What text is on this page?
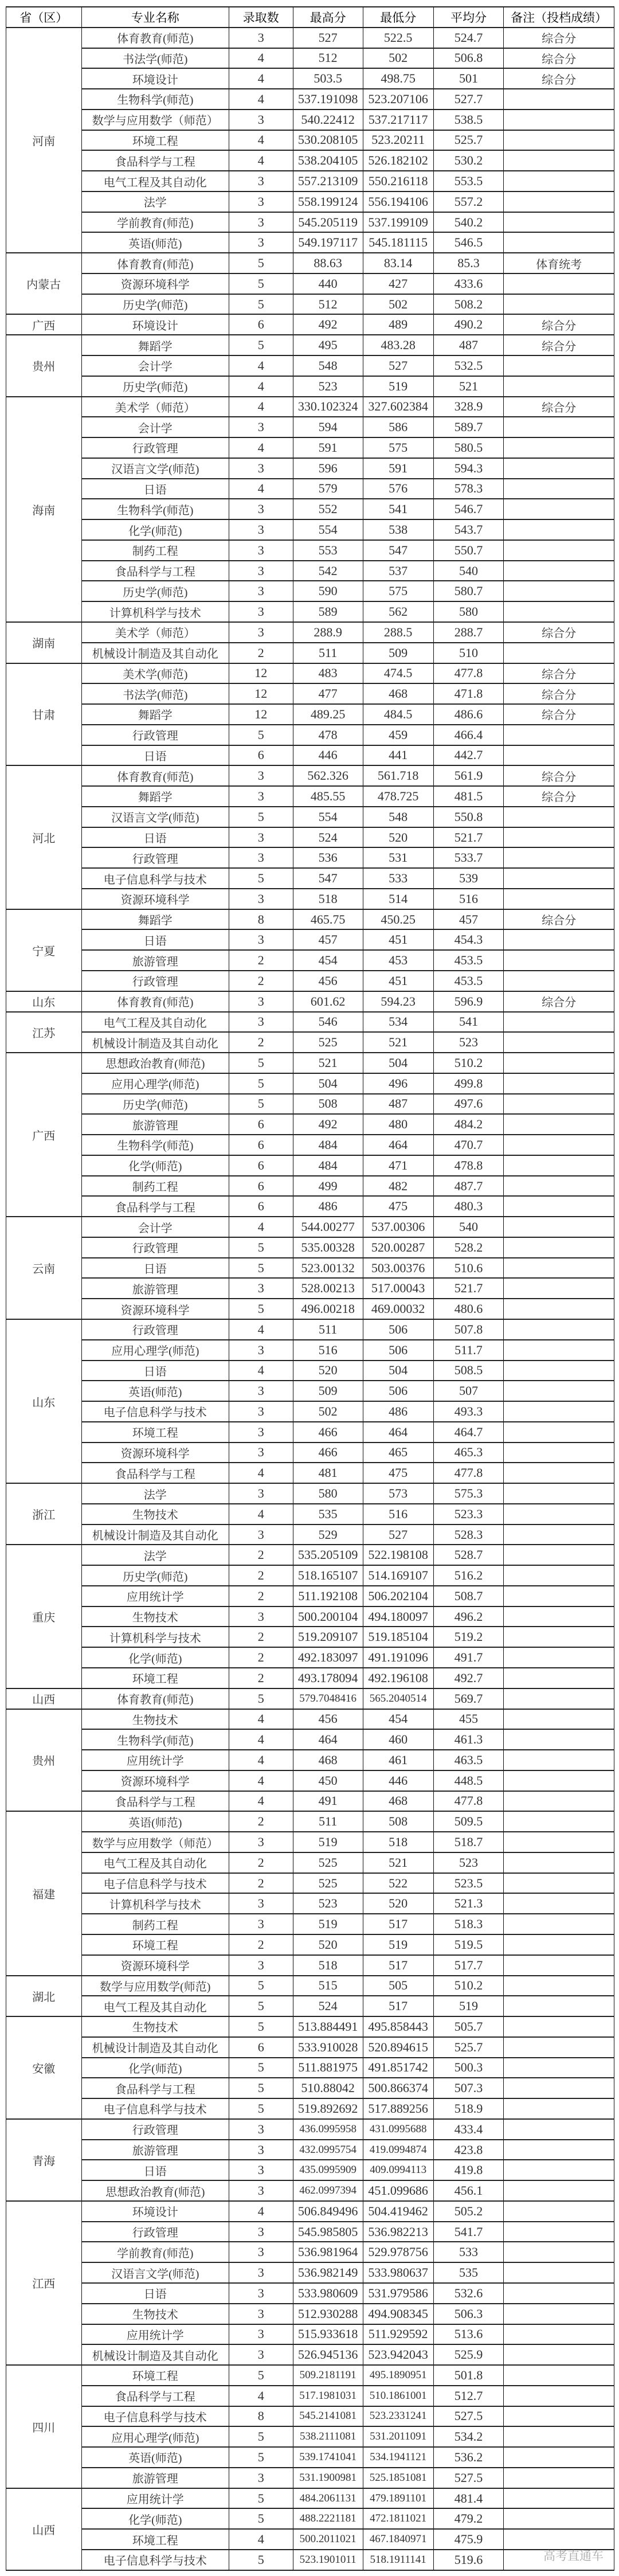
省（区）	专业名称	录取数	最高分	最低分	平均分	备注（投档成绩）
河南	体育教育(师范)	3	527	522.5	524.7	综合分
	书法学(师范)	4	512	502	506.8	综合分
	环境设计	4	503.5	498.75	501	综合分
	生物科学(师范)	4	537.191098	523.207106	527.7	
	数学与应用数学（师范）	3	540.22412	537.217117	538.5	
	环境工程	4	530.208105	523.20211	525.7	
	食品科学与工程	4	538.204105	526.182102	530.2	
	电气工程及其自动化	3	557.213109	550.216118	553.5	
	法学	3	558.199124	556.194106	557.2	
	学前教育(师范)	3	545.205119	537.199109	540.2	
	英语(师范)	3	549.197117	545.181115	546.5	
内蒙古	体育教育(师范)	5	88.63	83.14	85.3	体育统考
	资源环境科学	5	440	427	433.6	
	历史学(师范)	5	512	502	508.2	
广西	环境设计	6	492	489	490.2	综合分
贵州	舞蹈学	5	495	483.28	487	综合分
	会计学	4	548	527	532.5	
	历史学(师范)	4	523	519	521	
海南	美术学（师范）	4	330.102324	327.602384	328.9	综合分
	会计学	3	594	586	589.7	
	行政管理	4	591	575	580.5	
	汉语言文学(师范)	3	596	591	594.3	
	日语	4	579	576	578.3	
	生物科学(师范)	3	552	541	546.7	
	化学(师范)	3	554	538	543.7	
	制药工程	3	553	547	550.7	
	食品科学与工程	3	542	537	540	
	历史学(师范)	3	590	575	580.7	
	计算机科学与技术	3	589	562	580	
湖南	美术学（师范）	3	288.9	288.5	288.7	综合分
	机械设计制造及其自动化	2	511	509	510	
甘肃	美术学(师范)	12	483	474.5	477.8	综合分
	书法学(师范)	12	477	468	471.8	综合分
	舞蹈学	12	489.25	484.5	486.6	综合分
	行政管理	5	478	459	466.4	
	日语	6	446	441	442.7	
河北	体育教育(师范)	3	562.326	561.718	561.9	综合分
	舞蹈学	3	485.55	478.725	481.5	综合分
	汉语言文学(师范)	5	554	548	550.8	
	日语	3	524	520	521.7	
	行政管理	3	536	531	533.7	
	电子信息科学与技术	5	547	533	539	
	资源环境科学	3	518	514	516	
宁夏	舞蹈学	8	465.75	450.25	457	综合分
	日语	3	457	451	454.3	
	旅游管理	2	454	453	453.5	
	行政管理	2	456	451	453.5	
山东	体育教育(师范)	3	601.62	594.23	596.9	综合分
江苏	电气工程及其自动化	3	546	534	541	
	机械设计制造及其自动化	2	525	521	523	
广西	思想政治教育(师范)	5	521	504	510.2	
	应用心理学(师范)	5	504	496	499.8	
	历史学(师范)	5	508	487	497.6	
	旅游管理	6	492	480	484.2	
	生物科学(师范)	6	484	464	470.7	
	化学(师范)	6	484	471	478.8	
	制药工程	6	499	482	487.7	
	食品科学与工程	6	486	475	480.3	
云南	会计学	4	544.00277	537.00306	540	
	行政管理	5	535.00328	520.00287	528.2	
	日语	5	523.00132	503.00376	510.6	
	旅游管理	3	528.00213	517.00043	521.7	
	资源环境科学	5	496.00218	469.00032	480.6	
山东	行政管理	4	511	506	507.8	
	应用心理学(师范)	3	516	506	511.7	
	日语	4	520	504	508.5	
	英语(师范)	3	509	506	507	
	电子信息科学与技术	3	502	486	493.3	
	环境工程	3	466	464	464.7	
	资源环境科学	3	466	465	465.3	
	食品科学与工程	4	481	475	477.8	
浙江	法学	3	580	573	575.3	
	生物技术	4	535	516	523.3	
	机械设计制造及其自动化	3	529	527	528.3	
重庆	法学	2	535.205109	522.198108	528.7	
	历史学(师范)	2	518.165107	514.169107	516.2	
	应用统计学	2	511.192108	506.202104	508.7	
	生物技术	3	500.200104	494.180097	496.2	
	计算机科学与技术	2	519.209107	519.185104	519.2	
	化学(师范)	2	492.183097	491.191096	491.7	
	环境工程	2	493.178094	492.196108	492.7	
山西	体育教育(师范)	5	579.7048416	565.2040514	569.7	
贵州	生物技术	4	456	454	455	
	生物科学(师范)	4	464	460	461.3	
	应用统计学	4	468	461	463.5	
	资源环境科学	4	450	446	448.5	
	食品科学与工程	4	491	468	477.8	
福建	英语(师范)	2	511	508	509.5	
	数学与应用数学（师范）	3	519	518	518.7	
	电气工程及其自动化	2	525	521	523	
	电子信息科学与技术	2	525	522	523.5	
	计算机科学与技术	3	523	520	521.3	
	制药工程	3	519	517	518.3	
	环境工程	2	520	519	519.5	
	资源环境科学	3	518	517	517.7	
湖北	数学与应用数学(师范)	5	515	505	510.2	
	电气工程及其自动化	5	524	517	519	
安徽	生物技术	5	513.884491	495.858443	505.7	
	机械设计制造及其自动化	6	533.910028	520.894615	525.7	
	化学(师范)	5	511.881975	491.851742	500.3	
	食品科学与工程	5	510.88042	500.866374	507.3	
	电子信息科学与技术	5	519.892692	517.889256	518.9	
青海	行政管理	3	436.0995958	431.0995688	433.4	
	旅游管理	3	432.0995754	419.0994874	423.8	
	日语	3	435.0995909	409.0994113	419.8	
	思想政治教育(师范)	3	462.0997394	451.099686	456.1	
江西	环境设计	4	506.849496	504.419462	505.2	
	行政管理	3	545.985805	536.982213	541.7	
	学前教育(师范)	3	536.981964	529.978756	533	
	汉语言文学(师范)	3	536.982149	533.980637	535	
	日语	3	533.980609	531.979586	532.6	
	生物技术	3	512.930288	494.908345	506.3	
	应用统计学	3	515.933618	511.929592	513.6	
	机械设计制造及其自动化	3	526.945136	523.942043	525.9	
四川	环境工程	5	509.2181191	495.1890951	501.8	
	食品科学与工程	4	517.1981031	510.1861001	512.7	
	电子信息科学与技术	8	545.2141081	523.2331241	527.5	
	应用心理学(师范)	5	538.2111081	531.2011091	534.2	
	英语(师范)	5	539.1741041	534.1941121	536.2	
	旅游管理	3	531.1900981	525.1851081	527.5	
山西	应用统计学	5	484.2061131	479.1891101	481.4	
	化学(师范)	5	488.2221181	472.1811021	479.2	
	环境工程	4	500.2011021	467.1840971	475.9	
	电子信息科学与技术	5	523.1901011	518.1911141	519.6		高考直通车
